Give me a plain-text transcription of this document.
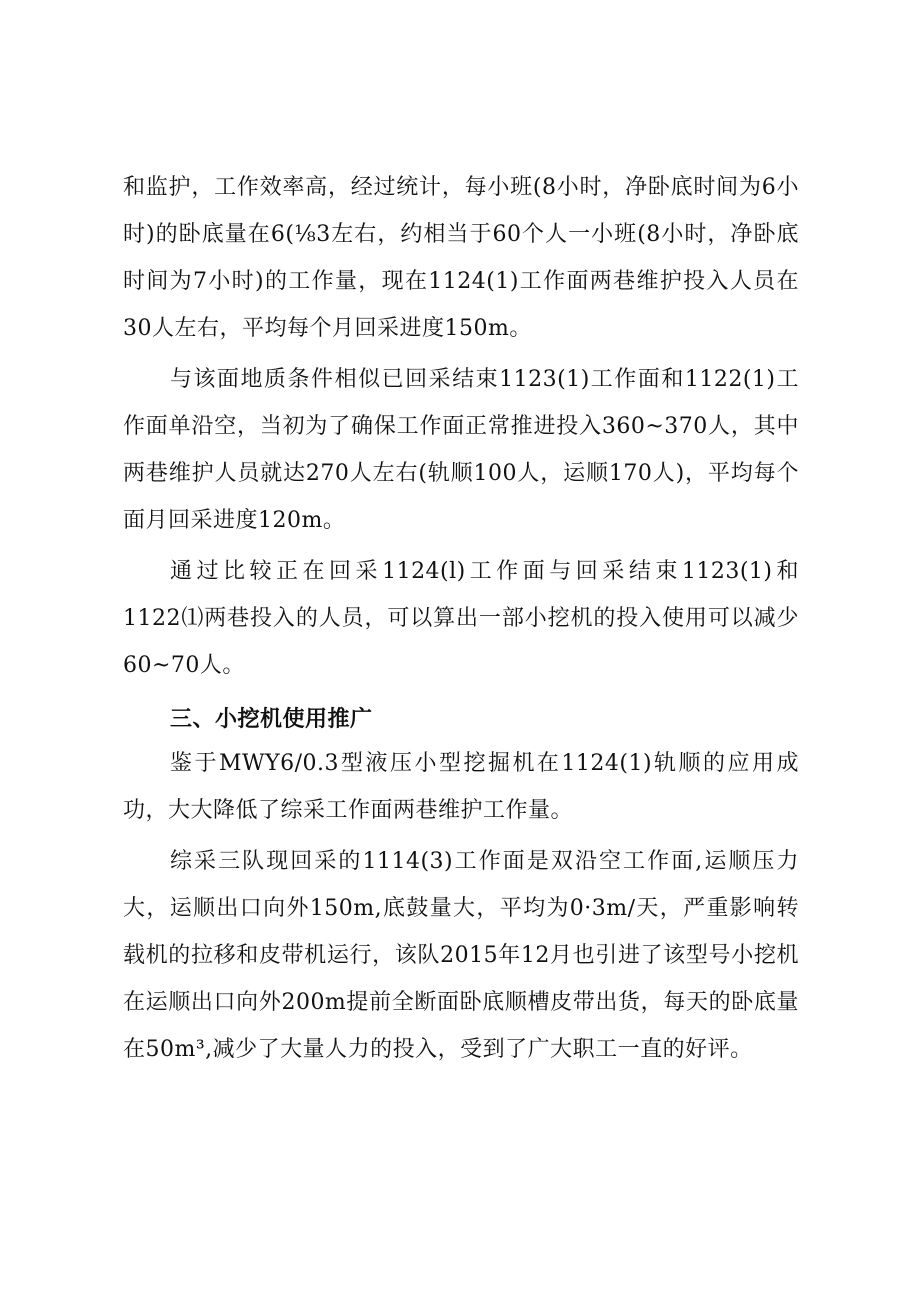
和监护，工作效率高，经过统计，每小班(8小时，净卧底时间为6小时)的卧底量在6(⅛3左右，约相当于60个人一小班(8小时，净卧底时间为7小时)的工作量，现在1124(1)工作面两巷维护投入人员在30人左右，平均每个月回采进度150m。

与该面地质条件相似已回采结束1123(1)工作面和1122(1)工作面单沿空，当初为了确保工作面正常推进投入360~370人，其中两巷维护人员就达270人左右(轨顺100人，运顺170人)，平均每个面月回采进度120m。

通过比较正在回采1124(l)工作面与回采结束1123(1)和1122⑴两巷投入的人员，可以算出一部小挖机的投入使用可以减少60~70人。

三、小挖机使用推广

鉴于MWY6/0.3型液压小型挖掘机在1124(1)轨顺的应用成功，大大降低了综采工作面两巷维护工作量。

综采三队现回采的1114(3)工作面是双沿空工作面,运顺压力大，运顺出口向外150m,底鼓量大，平均为0·3m∕天，严重影响转载机的拉移和皮带机运行，该队2015年12月也引进了该型号小挖机在运顺出口向外200m提前全断面卧底顺槽皮带出货，每天的卧底量在50m³,减少了大量人力的投入，受到了广大职工一直的好评。
